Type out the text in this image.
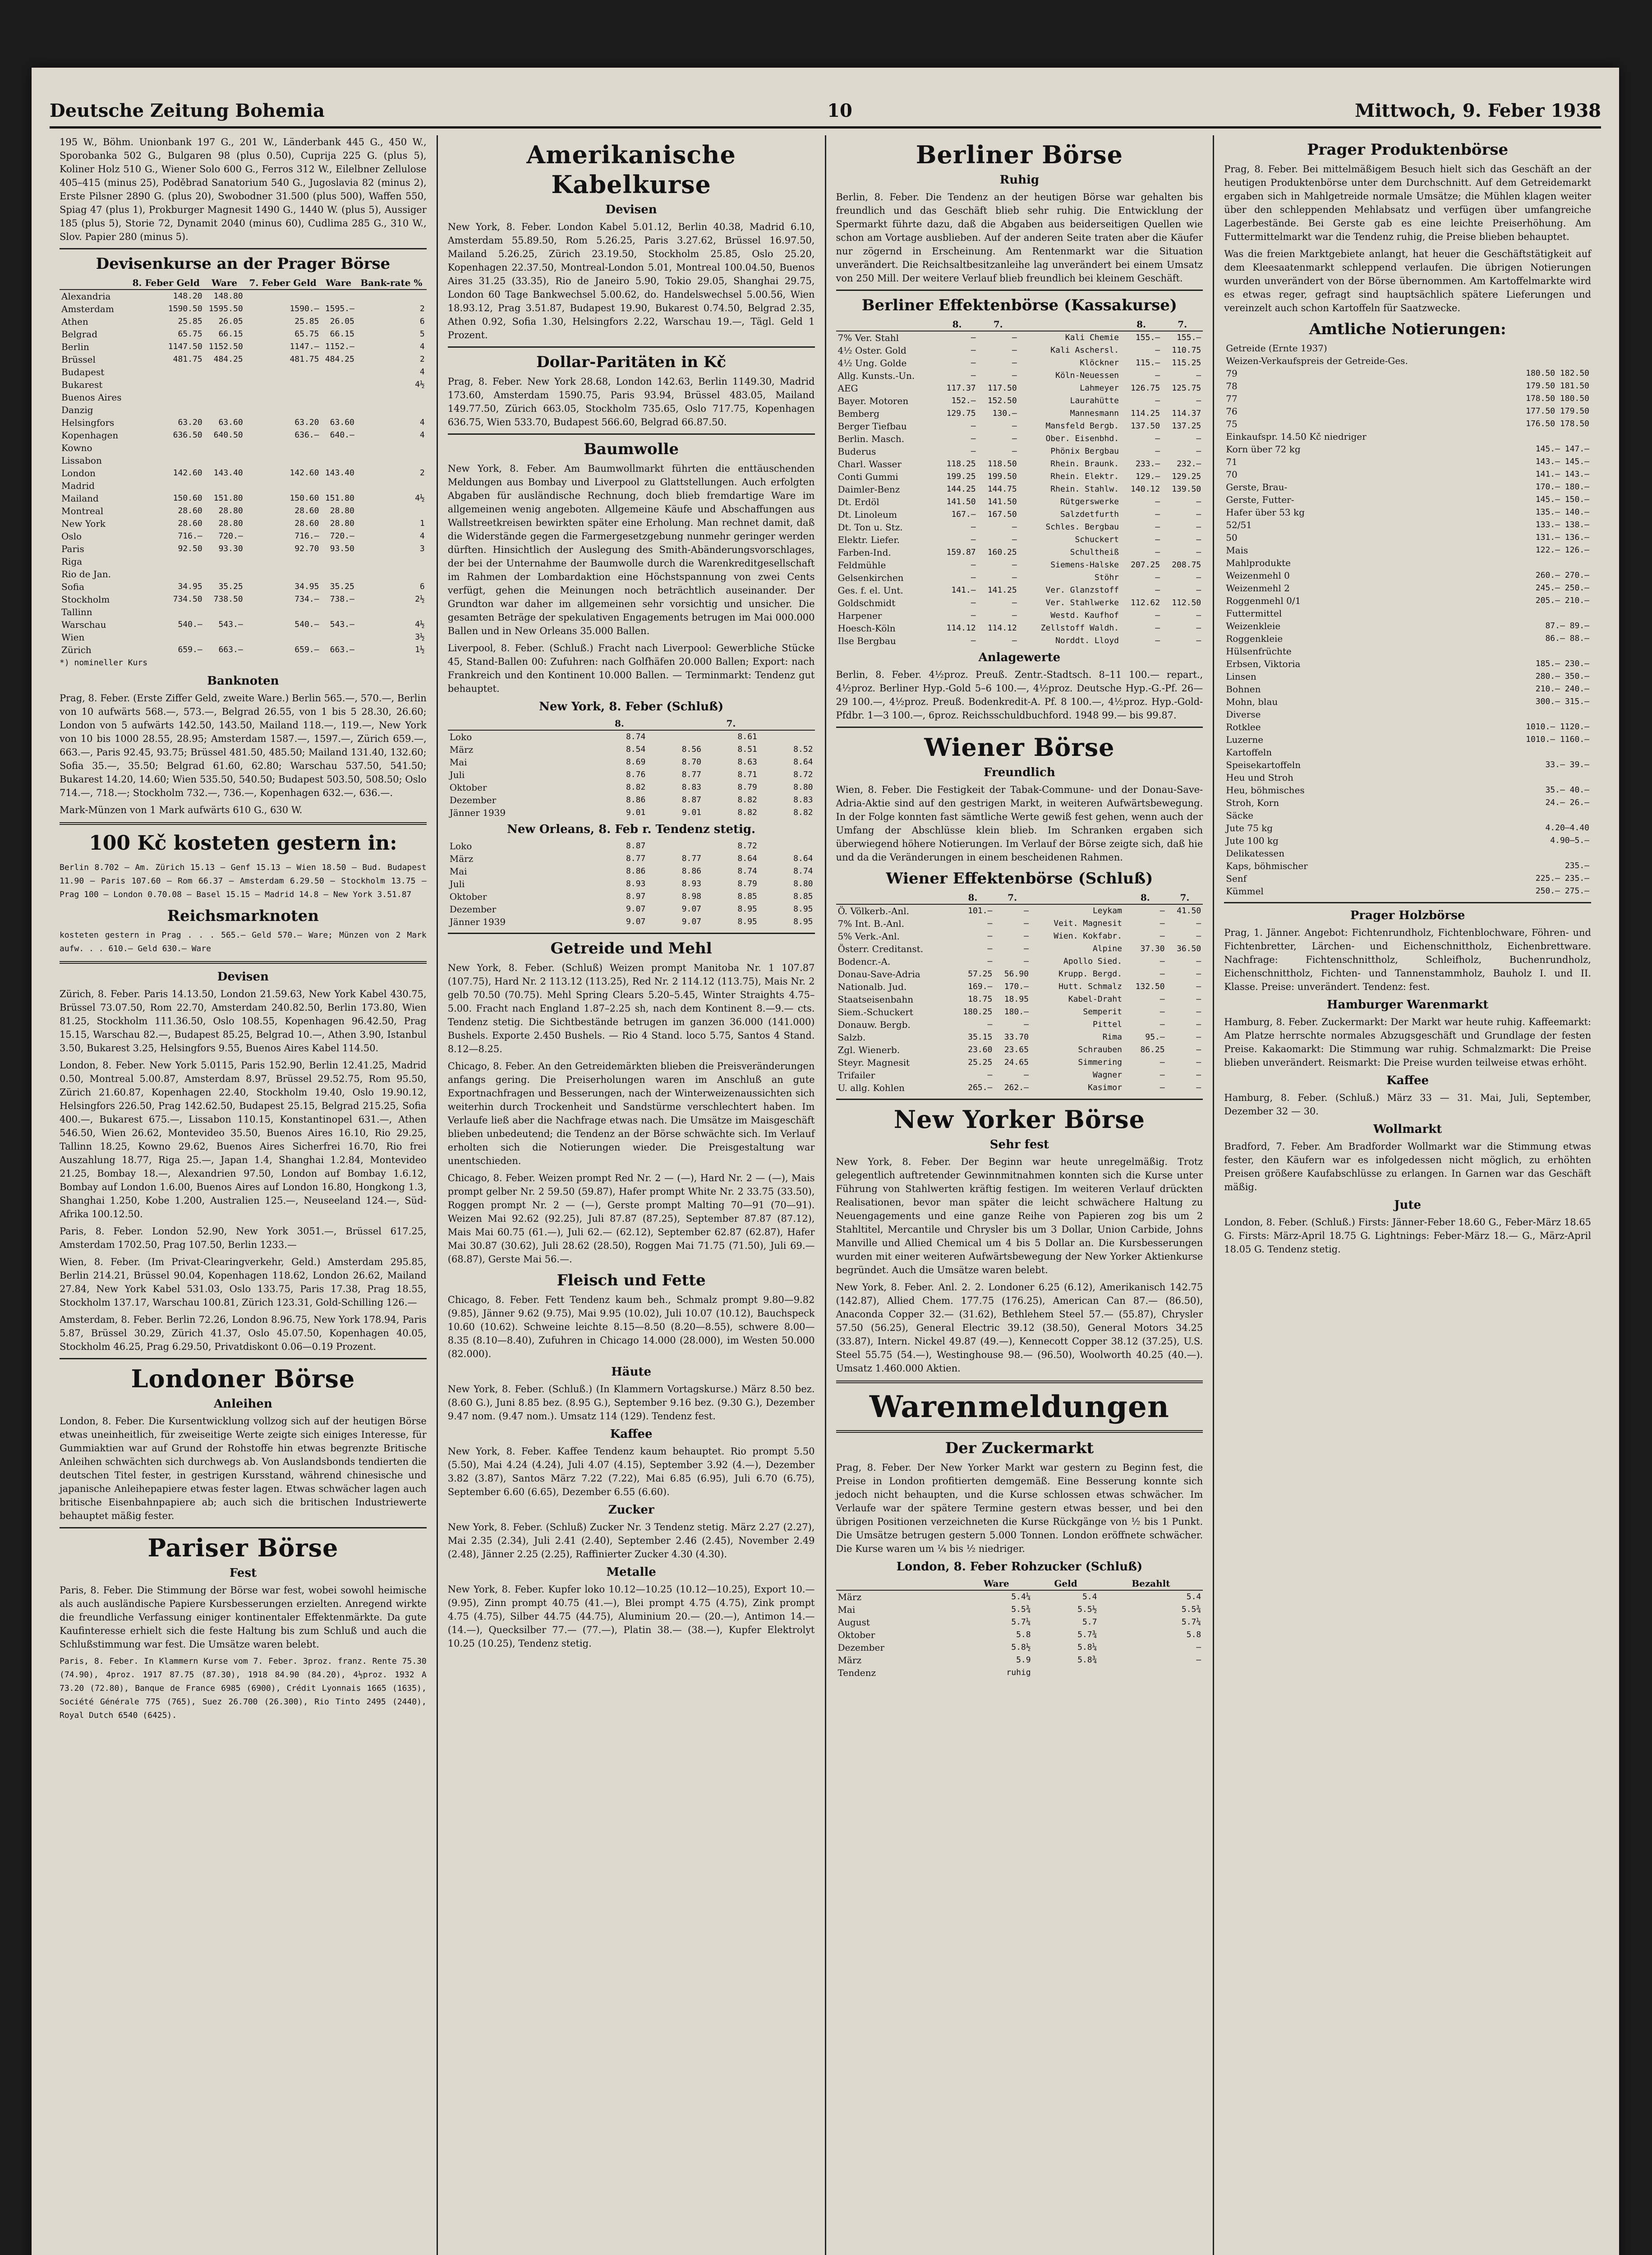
Deutsche Zeitung Bohemia	10	Mittwoch, 9. Feber 1938

195 W., Böhm. Unionbank 197 G., 201 W., Länderbank 445 G., 450 W., Sporobanka 502 G., Bulgaren 98 (plus 0.50), Cuprija 225 G. (plus 5), Koliner Holz 510 G., Wiener Solo 600 G., Ferros 312 W., Eilelbner Zellulose 405–415 (minus 25), Poděbrad Sanatorium 540 G., Jugoslavia 82 (minus 2), Erste Pilsner 2890 G. (plus 20), Swobodner 31.500 (plus 500), Waffen 550, Spiag 47 (plus 1), Prokburger Magnesit 1490 G., 1440 W. (plus 5), Aussiger 185 (plus 5), Storie 72, Dynamit 2040 (minus 60), Cudlima 285 G., 310 W., Slov. Papier 280 (minus 5).

Devisenkurse an der Prager Börse
	8. Feber Geld	Ware	7. Feber Geld	Ware	Bank-rate %
Alexandria	148.20	148.80			
Amsterdam	1590.50	1595.50	1590.—	1595.—	2
Athen	25.85	26.05	25.85	26.05	6
Belgrad	65.75	66.15	65.75	66.15	5
Berlin	1147.50	1152.50	1147.—	1152.—	4
Brüssel	481.75	484.25	481.75	484.25	2
Budapest					4
Bukarest					4½
Buenos Aires					
Danzig					
Helsingfors	63.20	63.60	63.20	63.60	4
Kopenhagen	636.50	640.50	636.—	640.—	4
Kowno					
Lissabon					
London	142.60	143.40	142.60	143.40	2
Madrid					
Mailand	150.60	151.80	150.60	151.80	4½
Montreal	28.60	28.80	28.60	28.80	
New York	28.60	28.80	28.60	28.80	1
Oslo	716.—	720.—	716.—	720.—	4
Paris	92.50	93.30	92.70	93.50	3
Riga					
Rio de Jan.					
Sofia	34.95	35.25	34.95	35.25	6
Stockholm	734.50	738.50	734.—	738.—	2½
Tallinn					
Warschau	540.—	543.—	540.—	543.—	4½
Wien					3½
Zürich	659.—	663.—	659.—	663.—	1½

*) nomineller Kurs

Banknoten

Prag, 8. Feber. (Erste Ziffer Geld, zweite Ware.) Berlin 565.—, 570.—, Berlin von 10 aufwärts 568.—, 573.—, Belgrad 26.55, von 1 bis 5 28.30, 26.60; London von 5 aufwärts 142.50, 143.50, Mailand 118.—, 119.—, New York von 10 bis 1000 28.55, 28.95; Amsterdam 1587.—, 1597.—, Zürich 659.—, 663.—, Paris 92.45, 93.75; Brüssel 481.50, 485.50; Mailand 131.40, 132.60; Sofia 35.—, 35.50; Belgrad 61.60, 62.80; Warschau 537.50, 541.50; Bukarest 14.20, 14.60; Wien 535.50, 540.50; Budapest 503.50, 508.50; Oslo 714.—, 718.—; Stockholm 732.—, 736.—, Kopenhagen 632.—, 636.—.

Mark-Münzen von 1 Mark aufwärts 610 G., 630 W.

100 Kč kosteten gestern in:

Berlin 8.702 — Am. Zürich 15.13 — Genf 15.13 — Wien 18.50 — Bud. Budapest 11.90 — Paris 107.60 — Rom 66.37 — Amsterdam 6.29.50 — Stockholm 13.75 — Prag 100 — London 0.70.08 — Basel 15.15 — Madrid 14.8 — New York 3.51.87

Reichsmarknoten

kosteten gestern in Prag . . . 565.— Geld 570.— Ware; Münzen von 2 Mark aufw. . . 610.— Geld 630.— Ware

Devisen

Zürich, 8. Feber. Paris 14.13.50, London 21.59.63, New York Kabel 430.75, Brüssel 73.07.50, Rom 22.70, Amsterdam 240.82.50, Berlin 173.80, Wien 81.25, Stockholm 111.36.50, Oslo 108.55, Kopenhagen 96.42.50, Prag 15.15, Warschau 82.—, Budapest 85.25, Belgrad 10.—, Athen 3.90, Istanbul 3.50, Bukarest 3.25, Helsingfors 9.55, Buenos Aires Kabel 114.50.

London, 8. Feber. New York 5.0115, Paris 152.90, Berlin 12.41.25, Madrid 0.50, Montreal 5.00.87, Amsterdam 8.97, Brüssel 29.52.75, Rom 95.50, Zürich 21.60.87, Kopenhagen 22.40, Stockholm 19.40, Oslo 19.90.12, Helsingfors 226.50, Prag 142.62.50, Budapest 25.15, Belgrad 215.25, Sofia 400.—, Bukarest 675.—, Lissabon 110.15, Konstantinopel 631.—, Athen 546.50, Wien 26.62, Montevideo 35.50, Buenos Aires 16.10, Rio 29.25, Tallinn 18.25, Kowno 29.62, Buenos Aires Sicherfrei 16.70, Rio frei Auszahlung 18.77, Riga 25.—, Japan 1.4, Shanghai 1.2.84, Montevideo 21.25, Bombay 18.—, Alexandrien 97.50, London auf Bombay 1.6.12, Bombay auf London 1.6.00, Buenos Aires auf London 16.80, Hongkong 1.3, Shanghai 1.250, Kobe 1.200, Australien 125.—, Neuseeland 124.—, Süd-Afrika 100.12.50.

Paris, 8. Feber. London 52.90, New York 3051.—, Brüssel 617.25, Amsterdam 1702.50, Prag 107.50, Berlin 1233.—

Wien, 8. Feber. (Im Privat-Clearingverkehr, Geld.) Amsterdam 295.85, Berlin 214.21, Brüssel 90.04, Kopenhagen 118.62, London 26.62, Mailand 27.84, New York Kabel 531.03, Oslo 133.75, Paris 17.38, Prag 18.55, Stockholm 137.17, Warschau 100.81, Zürich 123.31, Gold-Schilling 126.—

Amsterdam, 8. Feber. Berlin 72.26, London 8.96.75, New York 178.94, Paris 5.87, Brüssel 30.29, Zürich 41.37, Oslo 45.07.50, Kopenhagen 40.05, Stockholm 46.25, Prag 6.29.50, Privatdiskont 0.06—0.19 Prozent.

Londoner Börse
Anleihen

London, 8. Feber. Die Kursentwicklung vollzog sich auf der heutigen Börse etwas uneinheitlich, für zweiseitige Werte zeigte sich einiges Interesse, für Gummiaktien war auf Grund der Rohstoffe hin etwas begrenzte Britische Anleihen schwächten sich durchwegs ab. Von Auslandsbonds tendierten die deutschen Titel fester, in gestrigen Kursstand, während chinesische und japanische Anleihepapiere etwas fester lagen. Etwas schwächer lagen auch britische Eisenbahnpapiere ab; auch sich die britischen Industriewerte behauptet mäßig fester.

Pariser Börse
Fest

Paris, 8. Feber. Die Stimmung der Börse war fest, wobei sowohl heimische als auch ausländische Papiere Kursbesserungen erzielten. Anregend wirkte die freundliche Verfassung einiger kontinentaler Effektenmärkte. Da gute Kaufinteresse erhielt sich die feste Haltung bis zum Schluß und auch die Schlußstimmung war fest. Die Umsätze waren belebt.

Paris, 8. Feber. In Klammern Kurse vom 7. Feber. 3proz. franz. Rente 75.30 (74.90), 4proz. 1917 87.75 (87.30), 1918 84.90 (84.20), 4½proz. 1932 A 73.20 (72.80), Banque de France 6985 (6900), Crédit Lyonnais 1665 (1635), Société Générale 775 (765), Suez 26.700 (26.300), Rio Tinto 2495 (2440), Royal Dutch 6540 (6425).

Amerikanische Kabelkurse
Devisen

New York, 8. Feber. London Kabel 5.01.12, Berlin 40.38, Madrid 6.10, Amsterdam 55.89.50, Rom 5.26.25, Paris 3.27.62, Brüssel 16.97.50, Mailand 5.26.25, Zürich 23.19.50, Stockholm 25.85, Oslo 25.20, Kopenhagen 22.37.50, Montreal-London 5.01, Montreal 100.04.50, Buenos Aires 31.25 (33.35), Rio de Janeiro 5.90, Tokio 29.05, Shanghai 29.75, London 60 Tage Bankwechsel 5.00.62, do. Handelswechsel 5.00.56, Wien 18.93.12, Prag 3.51.87, Budapest 19.90, Bukarest 0.74.50, Belgrad 2.35, Athen 0.92, Sofia 1.30, Helsingfors 2.22, Warschau 19.—, Tägl. Geld 1 Prozent.

Dollar-Paritäten in Kč

Prag, 8. Feber. New York 28.68, London 142.63, Berlin 1149.30, Madrid 173.60, Amsterdam 1590.75, Paris 93.94, Brüssel 483.05, Mailand 149.77.50, Zürich 663.05, Stockholm 735.65, Oslo 717.75, Kopenhagen 636.75, Wien 533.70, Budapest 566.60, Belgrad 66.87.50.

Baumwolle

New York, 8. Feber. Am Baumwollmarkt führten die enttäuschenden Meldungen aus Bombay und Liverpool zu Glattstellungen. Auch erfolgten Abgaben für ausländische Rechnung, doch blieb fremdartige Ware im allgemeinen wenig angeboten. Allgemeine Käufe und Abschaffungen aus Wallstreetkreisen bewirkten später eine Erholung. Man rechnet damit, daß die Widerstände gegen die Farmergesetzgebung nunmehr geringer werden dürften. Hinsichtlich der Auslegung des Smith-Abänderungsvorschlages, der bei der Unternahme der Baumwolle durch die Warenkreditgesellschaft im Rahmen der Lombardaktion eine Höchstspannung von zwei Cents verfügt, gehen die Meinungen noch beträchtlich auseinander. Der Grundton war daher im allgemeinen sehr vorsichtig und unsicher. Die gesamten Beträge der spekulativen Engagements betrugen im Mai 000.000 Ballen und in New Orleans 35.000 Ballen.

Liverpool, 8. Feber. (Schluß.) Fracht nach Liverpool: Gewerbliche Stücke 45, Stand-Ballen 00: Zufuhren: nach Golfhäfen 20.000 Ballen; Export: nach Frankreich und den Kontinent 10.000 Ballen. — Terminmarkt: Tendenz gut behauptet.

New York, 8. Feber (Schluß)
	8.		7.	
Loko	8.74		8.61	
März	8.54	8.56	8.51	8.52
Mai	8.69	8.70	8.63	8.64
Juli	8.76	8.77	8.71	8.72
Oktober	8.82	8.83	8.79	8.80
Dezember	8.86	8.87	8.82	8.83
Jänner 1939	9.01	9.01	8.82	8.82
New Orleans, 8. Feb r. Tendenz stetig.
Loko	8.87		8.72	
März	8.77	8.77	8.64	8.64
Mai	8.86	8.86	8.74	8.74
Juli	8.93	8.93	8.79	8.80
Oktober	8.97	8.98	8.85	8.85
Dezember	9.07	9.07	8.95	8.95
Jänner 1939	9.07	9.07	8.95	8.95
Getreide und Mehl

New York, 8. Feber. (Schluß) Weizen prompt Manitoba Nr. 1 107.87 (107.75), Hard Nr. 2 113.12 (113.25), Red Nr. 2 114.12 (113.75), Mais Nr. 2 gelb 70.50 (70.75). Mehl Spring Clears 5.20–5.45, Winter Straights 4.75–5.00. Fracht nach England 1.87–2.25 sh, nach dem Kontinent 8.—9.— cts. Tendenz stetig. Die Sichtbestände betrugen im ganzen 36.000 (141.000) Bushels. Exporte 2.450 Bushels. — Rio 4 Stand. loco 5.75, Santos 4 Stand. 8.12—8.25.

Chicago, 8. Feber. An den Getreidemärkten blieben die Preisveränderungen anfangs gering. Die Preiserholungen waren im Anschluß an gute Exportnachfragen und Besserungen, nach der Winterweizenaussichten sich weiterhin durch Trockenheit und Sandstürme verschlechtert haben. Im Verlaufe ließ aber die Nachfrage etwas nach. Die Umsätze im Maisgeschäft blieben unbedeutend; die Tendenz an der Börse schwächte sich. Im Verlauf erholten sich die Notierungen wieder. Die Preisgestaltung war unentschieden.

Chicago, 8. Feber. Weizen prompt Red Nr. 2 — (—), Hard Nr. 2 — (—), Mais prompt gelber Nr. 2 59.50 (59.87), Hafer prompt White Nr. 2 33.75 (33.50), Roggen prompt Nr. 2 — (—), Gerste prompt Malting 70—91 (70—91). Weizen Mai 92.62 (92.25), Juli 87.87 (87.25), September 87.87 (87.12), Mais Mai 60.75 (61.—), Juli 62.— (62.12), September 62.87 (62.87), Hafer Mai 30.87 (30.62), Juli 28.62 (28.50), Roggen Mai 71.75 (71.50), Juli 69.— (68.87), Gerste Mai 56.—.

Fleisch und Fette

Chicago, 8. Feber. Fett Tendenz kaum beh., Schmalz prompt 9.80—9.82 (9.85), Jänner 9.62 (9.75), Mai 9.95 (10.02), Juli 10.07 (10.12), Bauchspeck 10.60 (10.62). Schweine leichte 8.15—8.50 (8.20—8.55), schwere 8.00—8.35 (8.10—8.40), Zufuhren in Chicago 14.000 (28.000), im Westen 50.000 (82.000).

Häute

New York, 8. Feber. (Schluß.) (In Klammern Vortagskurse.) März 8.50 bez. (8.60 G.), Juni 8.85 bez. (8.95 G.), September 9.16 bez. (9.30 G.), Dezember 9.47 nom. (9.47 nom.). Umsatz 114 (129). Tendenz fest.

Kaffee

New York, 8. Feber. Kaffee Tendenz kaum behauptet. Rio prompt 5.50 (5.50), Mai 4.24 (4.24), Juli 4.07 (4.15), September 3.92 (4.—), Dezember 3.82 (3.87), Santos März 7.22 (7.22), Mai 6.85 (6.95), Juli 6.70 (6.75), September 6.60 (6.65), Dezember 6.55 (6.60).

Zucker

New York, 8. Feber. (Schluß) Zucker Nr. 3 Tendenz stetig. März 2.27 (2.27), Mai 2.35 (2.34), Juli 2.41 (2.40), September 2.46 (2.45), November 2.49 (2.48), Jänner 2.25 (2.25), Raffinierter Zucker 4.30 (4.30).

Metalle

New York, 8. Feber. Kupfer loko 10.12—10.25 (10.12—10.25), Export 10.— (9.95), Zinn prompt 40.75 (41.—), Blei prompt 4.75 (4.75), Zink prompt 4.75 (4.75), Silber 44.75 (44.75), Aluminium 20.— (20.—), Antimon 14.— (14.—), Quecksilber 77.— (77.—), Platin 38.— (38.—), Kupfer Elektrolyt 10.25 (10.25), Tendenz stetig.

Berliner Börse
Ruhig

Berlin, 8. Feber. Die Tendenz an der heutigen Börse war gehalten bis freundlich und das Geschäft blieb sehr ruhig. Die Entwicklung der Spermarkt führte dazu, daß die Abgaben aus beiderseitigen Quellen wie schon am Vortage ausblieben. Auf der anderen Seite traten aber die Käufer nur zögernd in Erscheinung. Am Rentenmarkt war die Situation unverändert. Die Reichsaltbesitzanleihe lag unverändert bei einem Umsatz von 250 Mill. Der weitere Verlauf blieb freundlich bei kleinem Geschäft.

Berliner Effektenbörse (Kassakurse)
	8.	7.		8.	7.
7% Ver. Stahl	—	—	Kali Chemie	155.—	155.—
4½ Oster. Gold	—	—	Kali Aschersl.	—	110.75
4½ Ung. Golde	—	—	Klöckner	115.—	115.25
Allg. Kunsts.-Un.	—	—	Köln-Neuessen	—	—
AEG	117.37	117.50	Lahmeyer	126.75	125.75
Bayer. Motoren	152.—	152.50	Laurahütte	—	—
Bemberg	129.75	130.—	Mannesmann	114.25	114.37
Berger Tiefbau	—	—	Mansfeld Bergb.	137.50	137.25
Berlin. Masch.	—	—	Ober. Eisenbhd.	—	—
Buderus	—	—	Phönix Bergbau	—	—
Charl. Wasser	118.25	118.50	Rhein. Braunk.	233.—	232.—
Conti Gummi	199.25	199.50	Rhein. Elektr.	129.—	129.25
Daimler-Benz	144.25	144.75	Rhein. Stahlw.	140.12	139.50
Dt. Erdöl	141.50	141.50	Rütgerswerke	—	—
Dt. Linoleum	167.—	167.50	Salzdetfurth	—	—
Dt. Ton u. Stz.	—	—	Schles. Bergbau	—	—
Elektr. Liefer.	—	—	Schuckert	—	—
Farben-Ind.	159.87	160.25	Schultheiß	—	—
Feldmühle	—	—	Siemens-Halske	207.25	208.75
Gelsenkirchen	—	—	Stöhr	—	—
Ges. f. el. Unt.	141.—	141.25	Ver. Glanzstoff	—	—
Goldschmidt	—	—	Ver. Stahlwerke	112.62	112.50
Harpener	—	—	Westd. Kaufhof	—	—
Hoesch-Köln	114.12	114.12	Zellstoff Waldh.	—	—
Ilse Bergbau	—	—	Norddt. Lloyd	—	—
Anlagewerte

Berlin, 8. Feber. 4½proz. Preuß. Zentr.-Stadtsch. 8–11 100.— repart., 4½proz. Berliner Hyp.-Gold 5–6 100.—, 4½proz. Deutsche Hyp.-G.-Pf. 26—29 100.—, 4½proz. Preuß. Bodenkredit-A. Pf. 8 100.—, 4½proz. Hyp.-Gold-Pfdbr. 1—3 100.—, 6proz. Reichsschuldbuchford. 1948 99.— bis 99.87.

Wiener Börse
Freundlich

Wien, 8. Feber. Die Festigkeit der Tabak-Commune- und der Donau-Save-Adria-Aktie sind auf den gestrigen Markt, in weiteren Aufwärtsbewegung. In der Folge konnten fast sämtliche Werte gewiß fest gehen, wenn auch der Umfang der Abschlüsse klein blieb. Im Schranken ergaben sich überwiegend höhere Notierungen. Im Verlauf der Börse zeigte sich, daß hie und da die Veränderungen in einem bescheidenen Rahmen.

Wiener Effektenbörse (Schluß)
	8.	7.		8.	7.
Ö. Völkerb.-Anl.	101.—	—	Leykam	—	41.50
7% Int. B.-Anl.	—	—	Veit. Magnesit	—	—
5% Verk.-Anl.	—	—	Wien. Kokfabr.	—	—
Österr. Creditanst.	—	—	Alpine	37.30	36.50
Bodencr.-A.	—	—	Apollo Sied.	—	—
Donau-Save-Adria	57.25	56.90	Krupp. Bergd.	—	—
Nationalb. Jud.	169.—	170.—	Hutt. Schmalz	132.50	—
Staatseisenbahn	18.75	18.95	Kabel-Draht	—	—
Siem.-Schuckert	180.25	180.—	Semperit	—	—
Donauw. Bergb.	—	—	Pittel	—	—
Salzb.	35.15	33.70	Rima	95.—	—
Zgl. Wienerb.	23.60	23.65	Schrauben	86.25	—
Steyr. Magnesit	25.25	24.65	Simmering	—	—
Trifailer	—	—	Wagner	—	—
U. allg. Kohlen	265.—	262.—	Kasimor	—	—
New Yorker Börse
Sehr fest

New York, 8. Feber. Der Beginn war heute unregelmäßig. Trotz gelegentlich auftretender Gewinnmitnahmen konnten sich die Kurse unter Führung von Stahlwerten kräftig festigen. Im weiteren Verlauf drückten Realisationen, bevor man später die leicht schwächere Haltung zu Neuengagements und eine ganze Reihe von Papieren zog bis um 2 Stahltitel, Mercantile und Chrysler bis um 3 Dollar, Union Carbide, Johns Manville und Allied Chemical um 4 bis 5 Dollar an. Die Kursbesserungen wurden mit einer weiteren Aufwärtsbewegung der New Yorker Aktienkurse begründet. Auch die Umsätze waren belebt.

New York, 8. Feber. Anl. 2. 2. Londoner 6.25 (6.12), Amerikanisch 142.75 (142.87), Allied Chem. 177.75 (176.25), American Can 87.— (86.50), Anaconda Copper 32.— (31.62), Bethlehem Steel 57.— (55.87), Chrysler 57.50 (56.25), General Electric 39.12 (38.50), General Motors 34.25 (33.87), Intern. Nickel 49.87 (49.—), Kennecott Copper 38.12 (37.25), U.S. Steel 55.75 (54.—), Westinghouse 98.— (96.50), Woolworth 40.25 (40.—). Umsatz 1.460.000 Aktien.

Warenmeldungen
Der Zuckermarkt

Prag, 8. Feber. Der New Yorker Markt war gestern zu Beginn fest, die Preise in London profitierten demgemäß. Eine Besserung konnte sich jedoch nicht behaupten, und die Kurse schlossen etwas schwächer. Im Verlaufe war der spätere Termine gestern etwas besser, und bei den übrigen Positionen verzeichneten die Kurse Rückgänge von ½ bis 1 Punkt. Die Umsätze betrugen gestern 5.000 Tonnen. London eröffnete schwächer. Die Kurse waren um ¼ bis ½ niedriger.

London, 8. Feber Rohzucker (Schluß)
	Ware	Geld	Bezahlt
März	5.4¼	5.4	5.4
Mai	5.5¾	5.5½	5.5¾
August	5.7¼	5.7	5.7¼
Oktober	5.8	5.7¾	5.8
Dezember	5.8½	5.8¼	—
März	5.9	5.8¾	—
Tendenz	ruhig		
Prager Produktenbörse

Prag, 8. Feber. Bei mittelmäßigem Besuch hielt sich das Geschäft an der heutigen Produktenbörse unter dem Durchschnitt. Auf dem Getreidemarkt ergaben sich in Mahlgetreide normale Umsätze; die Mühlen klagen weiter über den schleppenden Mehlabsatz und verfügen über umfangreiche Lagerbestände. Bei Gerste gab es eine leichte Preiserhöhung. Am Futtermittelmarkt war die Tendenz ruhig, die Preise blieben behauptet.

Was die freien Marktgebiete anlangt, hat heuer die Geschäftstätigkeit auf dem Kleesaatenmarkt schleppend verlaufen. Die übrigen Notierungen wurden unverändert von der Börse übernommen. Am Kartoffelmarkte wird es etwas reger, gefragt sind hauptsächlich spätere Lieferungen und vereinzelt auch schon Kartoffeln für Saatzwecke.

Amtliche Notierungen:
Getreide (Ernte 1937)	
Weizen-Verkaufspreis der Getreide-Ges.	
79	180.50 182.50
78	179.50 181.50
77	178.50 180.50
76	177.50 179.50
75	176.50 178.50
Einkaufspr. 14.50 Kč niedriger	
Korn über 72 kg	145.— 147.—
71	143.— 145.—
70	141.— 143.—
Gerste, Brau-	170.— 180.—
Gerste, Futter-	145.— 150.—
Hafer über 53 kg	135.— 140.—
52/51	133.— 138.—
50	131.— 136.—
Mais	122.— 126.—
Mahlprodukte	
Weizenmehl 0	260.— 270.—
Weizenmehl 2	245.— 250.—
Roggenmehl 0/1	205.— 210.—
Futtermittel	
Weizenkleie	87.— 89.—
Roggenkleie	86.— 88.—
Hülsenfrüchte	
Erbsen, Viktoria	185.— 230.—
Linsen	280.— 350.—
Bohnen	210.— 240.—
Mohn, blau	300.— 315.—
Diverse	
Rotklee	1010.— 1120.—
Luzerne	1010.— 1160.—
Kartoffeln	
Speisekartoffeln	33.— 39.—
Heu und Stroh	
Heu, böhmisches	35.— 40.—
Stroh, Korn	24.— 26.—
Säcke	
Jute 75 kg	4.20—4.40
Jute 100 kg	4.90—5.—
Delikatessen	
Kaps, böhmischer	235.—
Senf	225.— 235.—
Kümmel	250.— 275.—
Prager Holzbörse

Prag, 1. Jänner. Angebot: Fichtenrundholz, Fichtenblochware, Föhren- und Fichtenbretter, Lärchen- und Eichenschnittholz, Eichenbrettware. Nachfrage: Fichtenschnittholz, Schleifholz, Buchenrundholz, Eichenschnittholz, Fichten- und Tannenstammholz, Bauholz I. und II. Klasse. Preise: unverändert. Tendenz: fest.

Hamburger Warenmarkt

Hamburg, 8. Feber. Zuckermarkt: Der Markt war heute ruhig. Kaffeemarkt: Am Platze herrschte normales Abzugsgeschäft und Grundlage der festen Preise. Kakaomarkt: Die Stimmung war ruhig. Schmalzmarkt: Die Preise blieben unverändert. Reismarkt: Die Preise wurden teilweise etwas erhöht.

Kaffee

Hamburg, 8. Feber. (Schluß.) März 33 — 31. Mai, Juli, September, Dezember 32 — 30.

Wollmarkt

Bradford, 7. Feber. Am Bradforder Wollmarkt war die Stimmung etwas fester, den Käufern war es infolgedessen nicht möglich, zu erhöhten Preisen größere Kaufabschlüsse zu erlangen. In Garnen war das Geschäft mäßig.

Jute

London, 8. Feber. (Schluß.) Firsts: Jänner-Feber 18.60 G., Feber-März 18.65 G. Firsts: März-April 18.75 G. Lightnings: Feber-März 18.— G., März-April 18.05 G. Tendenz stetig.
